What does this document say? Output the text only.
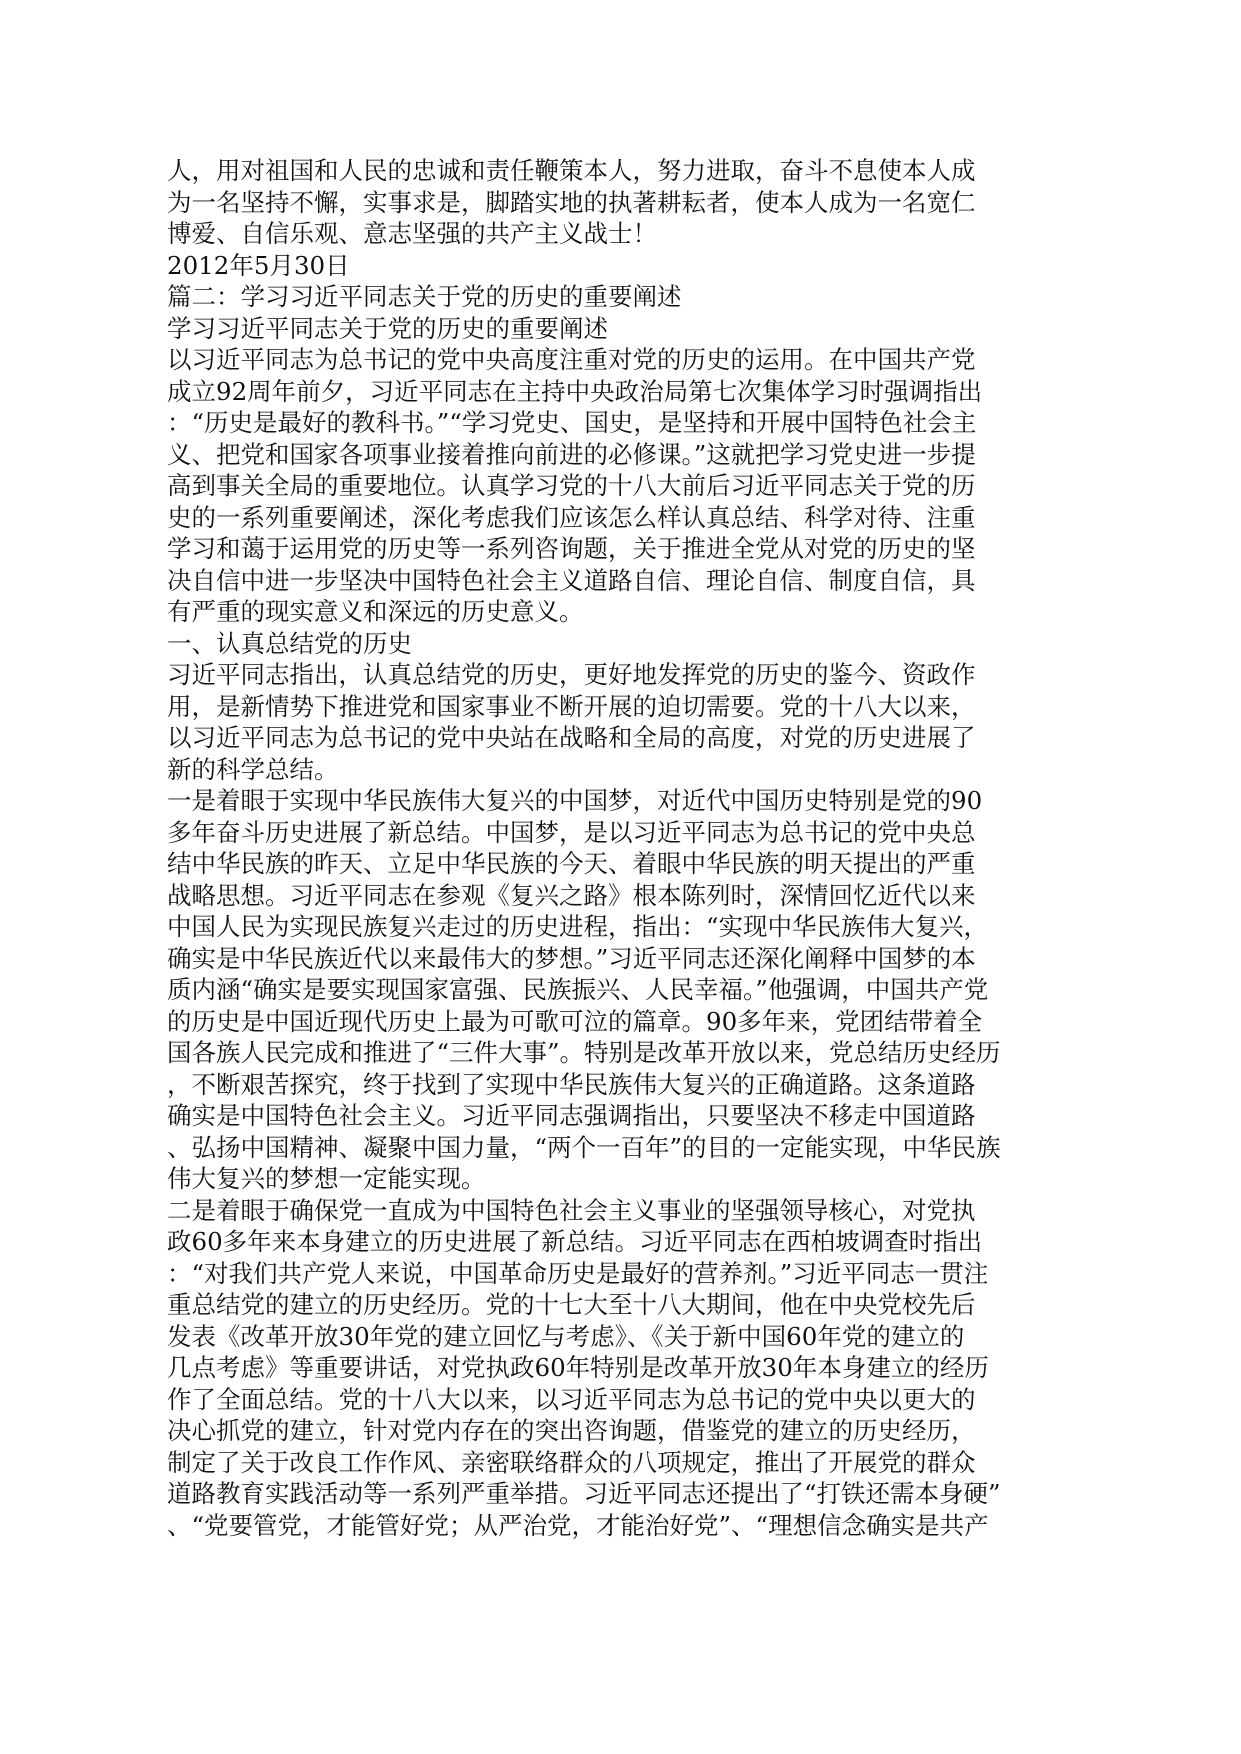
人，用对祖国和人民的忠诚和责任鞭策本人，努力进取，奋斗不息使本人成
为一名坚持不懈，实事求是，脚踏实地的执著耕耘者，使本人成为一名宽仁
博爱、自信乐观、意志坚强的共产主义战士！
2012年5月30日
篇二：学习习近平同志关于党的历史的重要阐述
学习习近平同志关于党的历史的重要阐述
以习近平同志为总书记的党中央高度注重对党的历史的运用。在中国共产党
成立92周年前夕，习近平同志在主持中央政治局第七次集体学习时强调指出
：“历史是最好的教科书。”“学习党史、国史，是坚持和开展中国特色社会主
义、把党和国家各项事业接着推向前进的必修课。”这就把学习党史进一步提
高到事关全局的重要地位。认真学习党的十八大前后习近平同志关于党的历
史的一系列重要阐述，深化考虑我们应该怎么样认真总结、科学对待、注重
学习和蔼于运用党的历史等一系列咨询题，关于推进全党从对党的历史的坚
决自信中进一步坚决中国特色社会主义道路自信、理论自信、制度自信，具
有严重的现实意义和深远的历史意义。
一、认真总结党的历史
习近平同志指出，认真总结党的历史，更好地发挥党的历史的鉴今、资政作
用，是新情势下推进党和国家事业不断开展的迫切需要。党的十八大以来，
以习近平同志为总书记的党中央站在战略和全局的高度，对党的历史进展了
新的科学总结。
一是着眼于实现中华民族伟大复兴的中国梦，对近代中国历史特别是党的90
多年奋斗历史进展了新总结。中国梦，是以习近平同志为总书记的党中央总
结中华民族的昨天、立足中华民族的今天、着眼中华民族的明天提出的严重
战略思想。习近平同志在参观《复兴之路》根本陈列时，深情回忆近代以来
中国人民为实现民族复兴走过的历史进程，指出：“实现中华民族伟大复兴，
确实是中华民族近代以来最伟大的梦想。”习近平同志还深化阐释中国梦的本
质内涵“确实是要实现国家富强、民族振兴、人民幸福。”他强调，中国共产党
的历史是中国近现代历史上最为可歌可泣的篇章。90多年来，党团结带着全
国各族人民完成和推进了“三件大事”。特别是改革开放以来，党总结历史经历
，不断艰苦探究，终于找到了实现中华民族伟大复兴的正确道路。这条道路
确实是中国特色社会主义。习近平同志强调指出，只要坚决不移走中国道路
、弘扬中国精神、凝聚中国力量，“两个一百年”的目的一定能实现，中华民族
伟大复兴的梦想一定能实现。
二是着眼于确保党一直成为中国特色社会主义事业的坚强领导核心，对党执
政60多年来本身建立的历史进展了新总结。习近平同志在西柏坡调查时指出
：“对我们共产党人来说，中国革命历史是最好的营养剂。”习近平同志一贯注
重总结党的建立的历史经历。党的十七大至十八大期间，他在中央党校先后
发表《改革开放30年党的建立回忆与考虑》、《关于新中国60年党的建立的
几点考虑》等重要讲话，对党执政60年特别是改革开放30年本身建立的经历
作了全面总结。党的十八大以来，以习近平同志为总书记的党中央以更大的
决心抓党的建立，针对党内存在的突出咨询题，借鉴党的建立的历史经历，
制定了关于改良工作作风、亲密联络群众的八项规定，推出了开展党的群众
道路教育实践活动等一系列严重举措。习近平同志还提出了“打铁还需本身硬”
、“党要管党，才能管好党；从严治党，才能治好党”、“理想信念确实是共产
